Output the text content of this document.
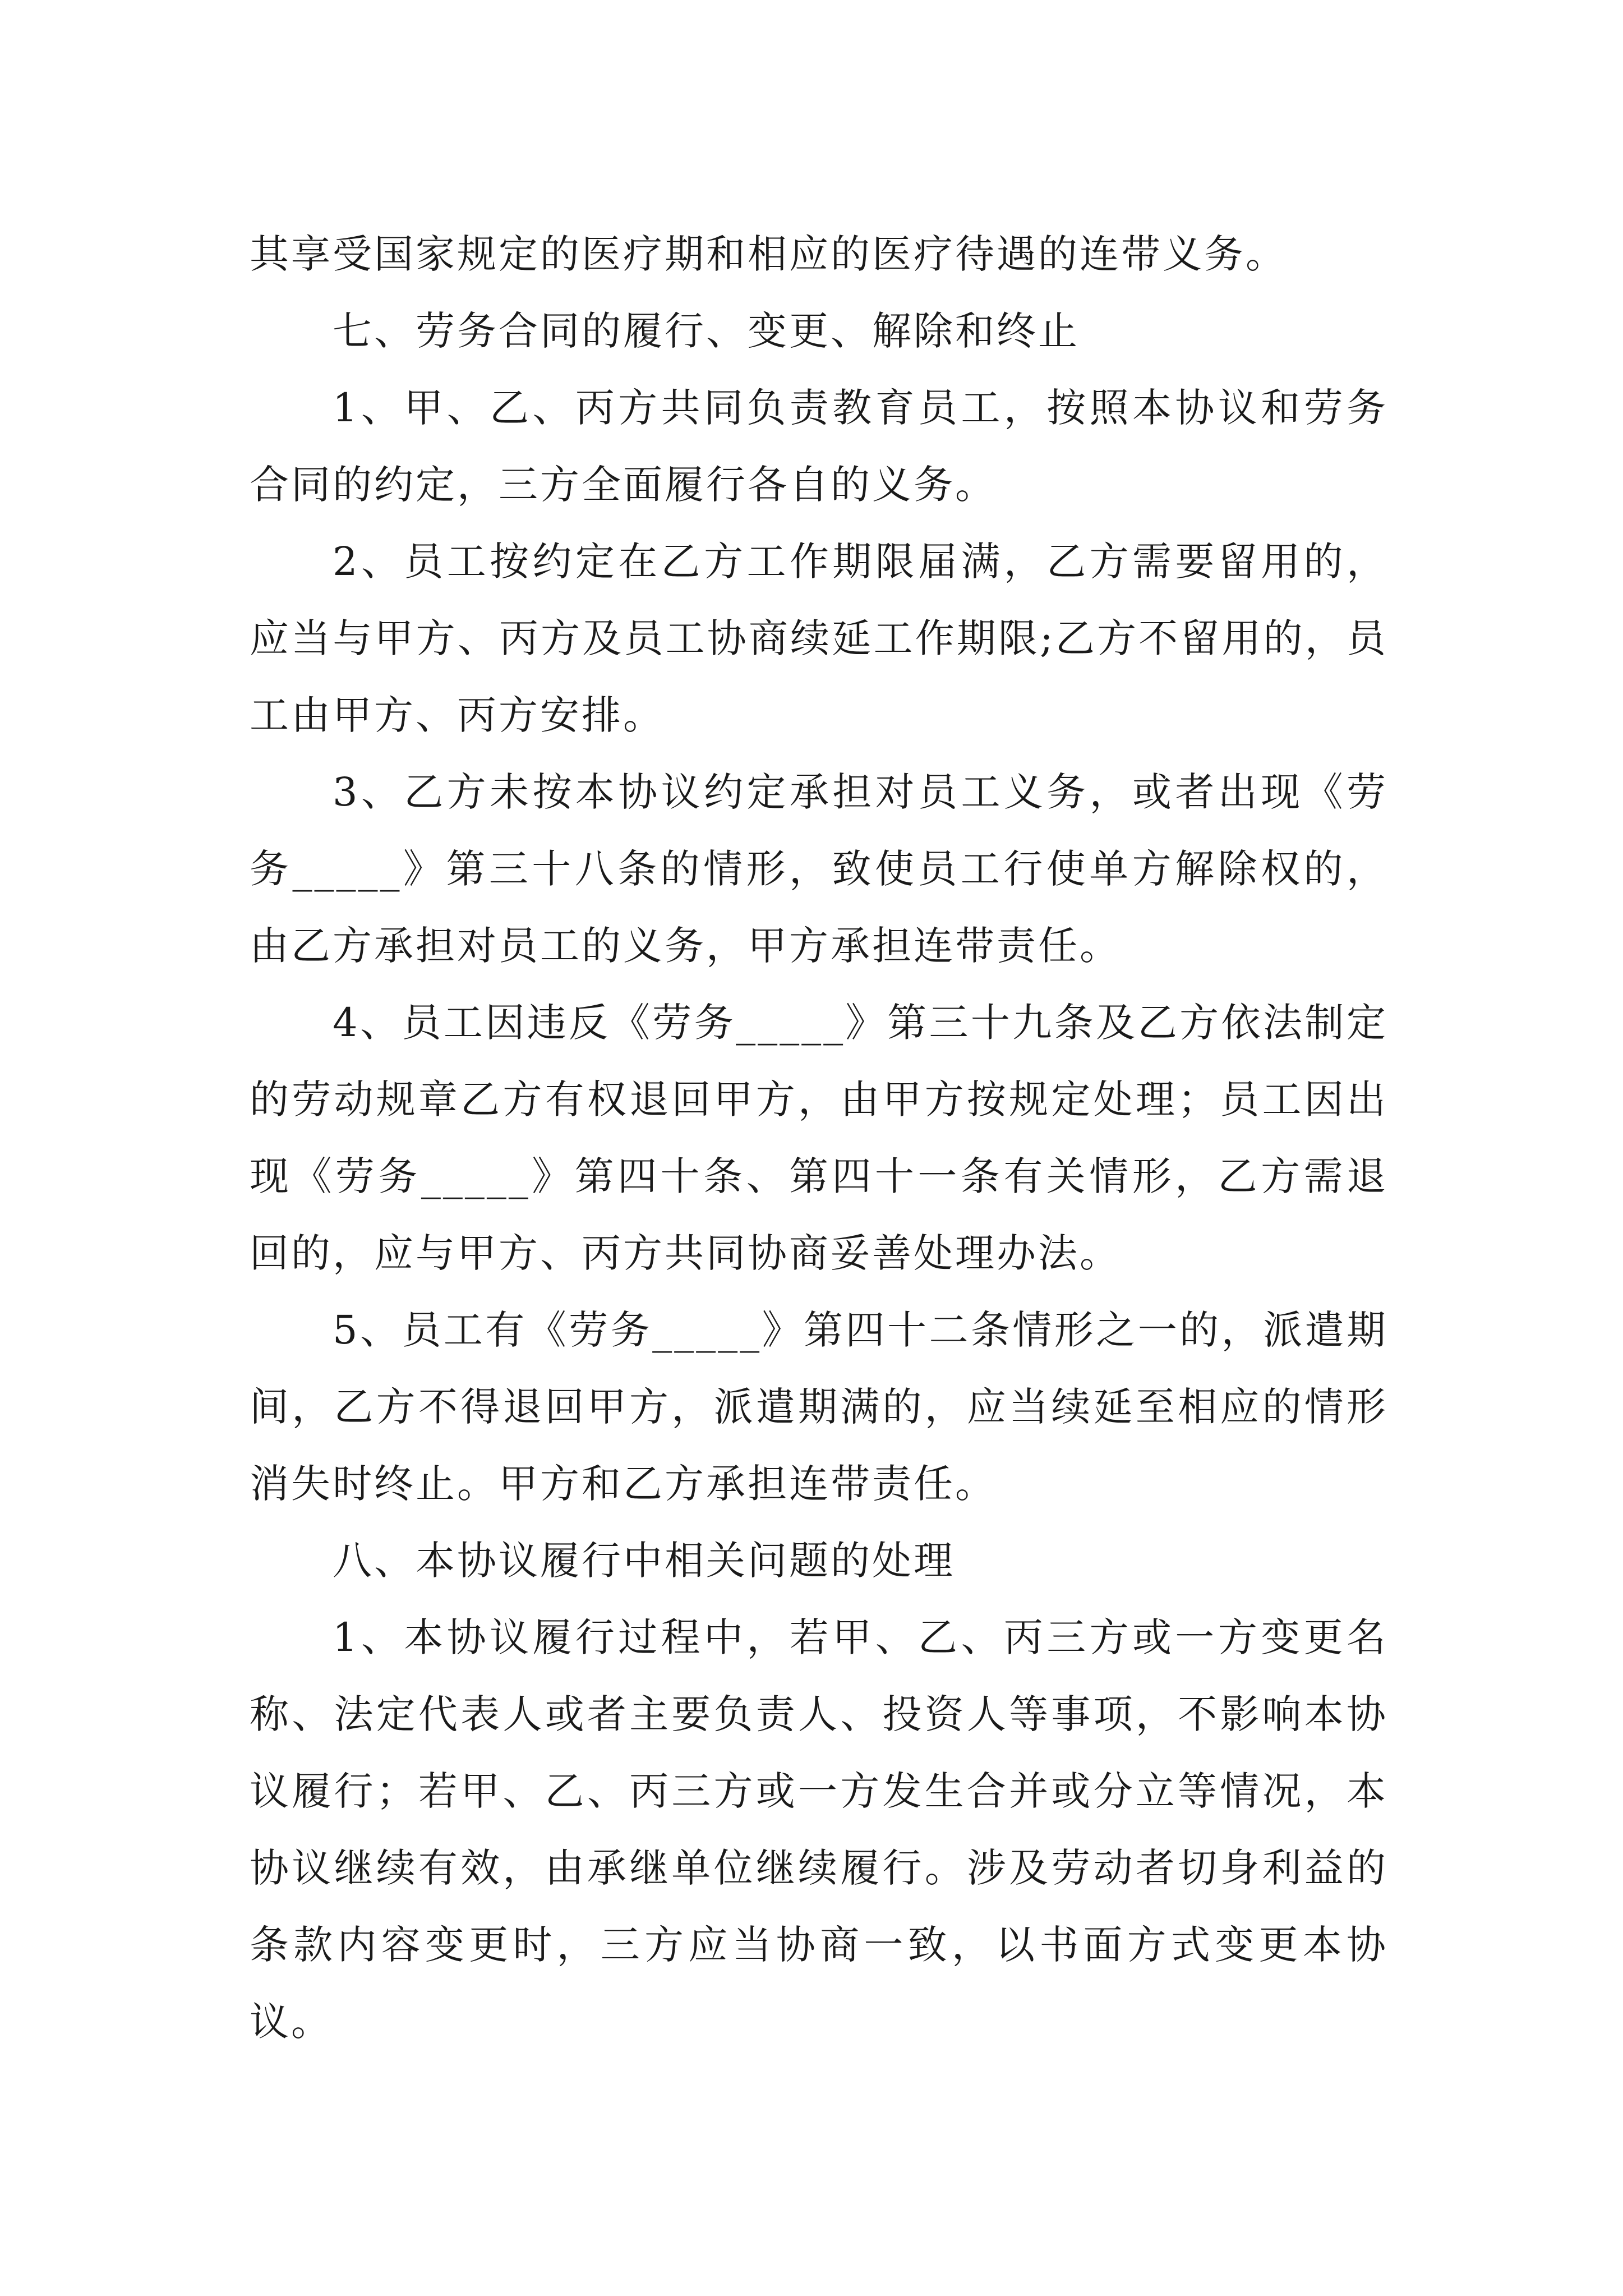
其享受国家规定的医疗期和相应的医疗待遇的连带义务。

七、劳务合同的履行、变更、解除和终止

1、甲、乙、丙方共同负责教育员工，按照本协议和劳务合同的约定，三方全面履行各自的义务。

2、员工按约定在乙方工作期限届满，乙方需要留用的，应当与甲方、丙方及员工协商续延工作期限;乙方不留用的，员工由甲方、丙方安排。

3、乙方未按本协议约定承担对员工义务，或者出现《劳务_____》第三十八条的情形，致使员工行使单方解除权的，由乙方承担对员工的义务，甲方承担连带责任。

4、员工因违反《劳务_____》第三十九条及乙方依法制定的劳动规章乙方有权退回甲方，由甲方按规定处理；员工因出现《劳务_____》第四十条、第四十一条有关情形，乙方需退回的，应与甲方、丙方共同协商妥善处理办法。

5、员工有《劳务_____》第四十二条情形之一的，派遣期间，乙方不得退回甲方，派遣期满的，应当续延至相应的情形消失时终止。甲方和乙方承担连带责任。

八、本协议履行中相关问题的处理

1、本协议履行过程中，若甲、乙、丙三方或一方变更名称、法定代表人或者主要负责人、投资人等事项，不影响本协议履行；若甲、乙、丙三方或一方发生合并或分立等情况，本协议继续有效，由承继单位继续履行。涉及劳动者切身利益的条款内容变更时，三方应当协商一致，以书面方式变更本协议。
